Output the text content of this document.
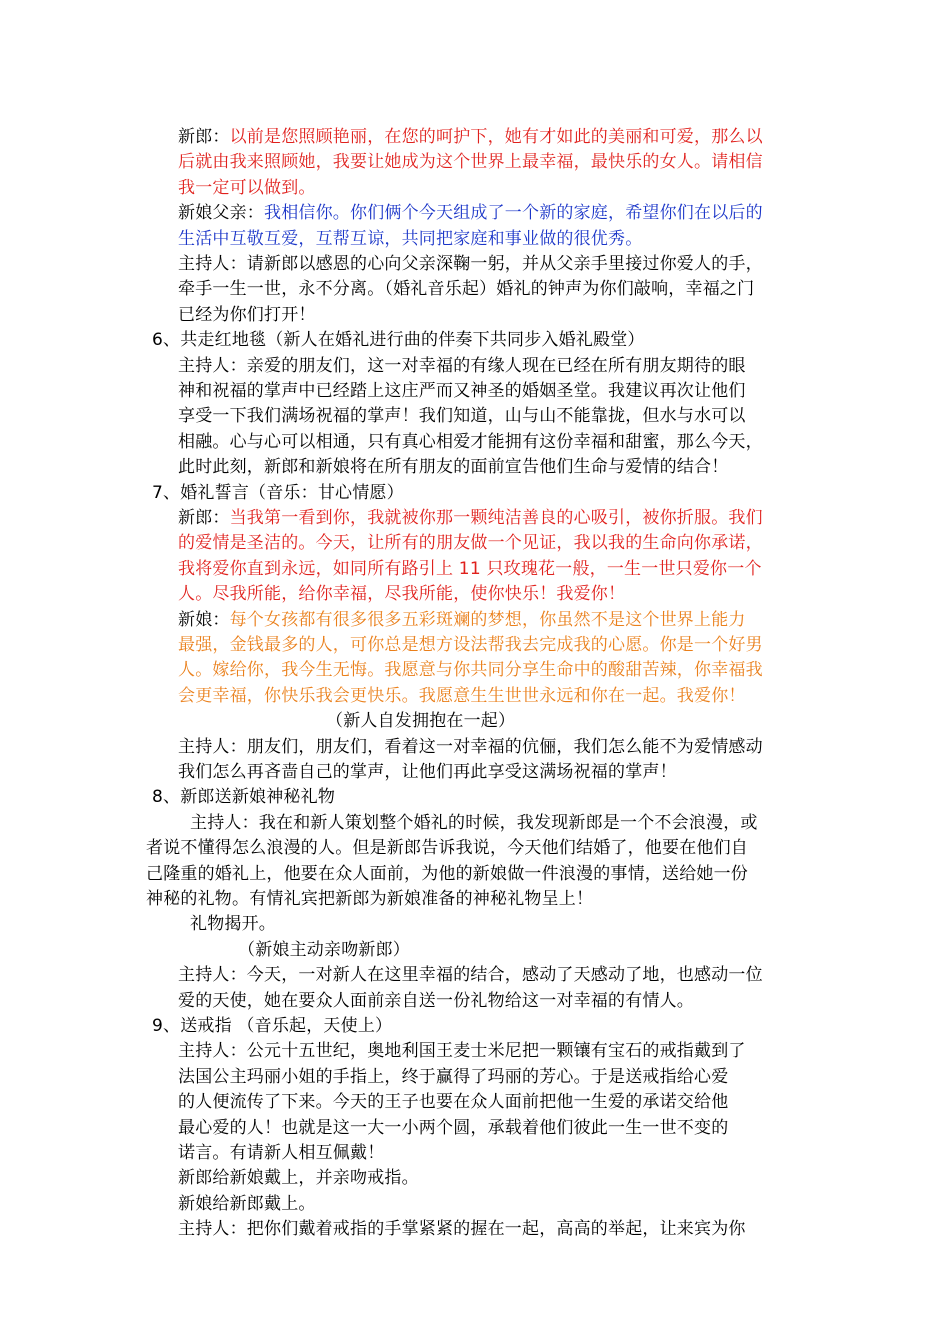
新郎：以前是您照顾艳丽，在您的呵护下，她有才如此的美丽和可爱，那么以
后就由我来照顾她，我要让她成为这个世界上最幸福，最快乐的女人。请相信
我一定可以做到。
新娘父亲：我相信你。你们俩个今天组成了一个新的家庭，希望你们在以后的
生活中互敬互爱，互帮互谅，共同把家庭和事业做的很优秀。
主持人：请新郎以感恩的心向父亲深鞠一躬，并从父亲手里接过你爱人的手，
牵手一生一世，永不分离。（婚礼音乐起）婚礼的钟声为你们敲响，幸福之门
已经为你们打开！
6、共走红地毯（新人在婚礼进行曲的伴奏下共同步入婚礼殿堂）
主持人：亲爱的朋友们，这一对幸福的有缘人现在已经在所有朋友期待的眼
神和祝福的掌声中已经踏上这庄严而又神圣的婚姻圣堂。我建议再次让他们
享受一下我们满场祝福的掌声！我们知道，山与山不能靠拢，但水与水可以
相融。心与心可以相通，只有真心相爱才能拥有这份幸福和甜蜜，那么今天，
此时此刻，新郎和新娘将在所有朋友的面前宣告他们生命与爱情的结合！
7、婚礼誓言（音乐：甘心情愿）
新郎：当我第一看到你，我就被你那一颗纯洁善良的心吸引，被你折服。我们
的爱情是圣洁的。今天，让所有的朋友做一个见证，我以我的生命向你承诺，
我将爱你直到永远，如同所有路引上 11 只玫瑰花一般，一生一世只爱你一个
人。尽我所能，给你幸福，尽我所能，使你快乐！我爱你！
新娘：每个女孩都有很多很多五彩斑斓的梦想，你虽然不是这个世界上能力
最强，金钱最多的人，可你总是想方设法帮我去完成我的心愿。你是一个好男
人。嫁给你，我今生无悔。我愿意与你共同分享生命中的酸甜苦辣，你幸福我
会更幸福，你快乐我会更快乐。我愿意生生世世永远和你在一起。我爱你！
（新人自发拥抱在一起）
主持人：朋友们，朋友们，看着这一对幸福的伉俪，我们怎么能不为爱情感动
我们怎么再吝啬自己的掌声，让他们再此享受这满场祝福的掌声！
8、新郎送新娘神秘礼物
主持人：我在和新人策划整个婚礼的时候，我发现新郎是一个不会浪漫，或
者说不懂得怎么浪漫的人。但是新郎告诉我说，今天他们结婚了，他要在他们自
己隆重的婚礼上，他要在众人面前，为他的新娘做一件浪漫的事情，送给她一份
神秘的礼物。有情礼宾把新郎为新娘准备的神秘礼物呈上！
礼物揭开。
（新娘主动亲吻新郎）
主持人：今天，一对新人在这里幸福的结合，感动了天感动了地，也感动一位
爱的天使，她在要众人面前亲自送一份礼物给这一对幸福的有情人。
9、送戒指 （音乐起，天使上）
主持人：公元十五世纪，奥地利国王麦士米尼把一颗镶有宝石的戒指戴到了
法国公主玛丽小姐的手指上，终于赢得了玛丽的芳心。于是送戒指给心爱
的人便流传了下来。今天的王子也要在众人面前把他一生爱的承诺交给他
最心爱的人！也就是这一大一小两个圆，承载着他们彼此一生一世不变的
诺言。有请新人相互佩戴！
新郎给新娘戴上，并亲吻戒指。
新娘给新郎戴上。
主持人：把你们戴着戒指的手掌紧紧的握在一起，高高的举起，让来宾为你
